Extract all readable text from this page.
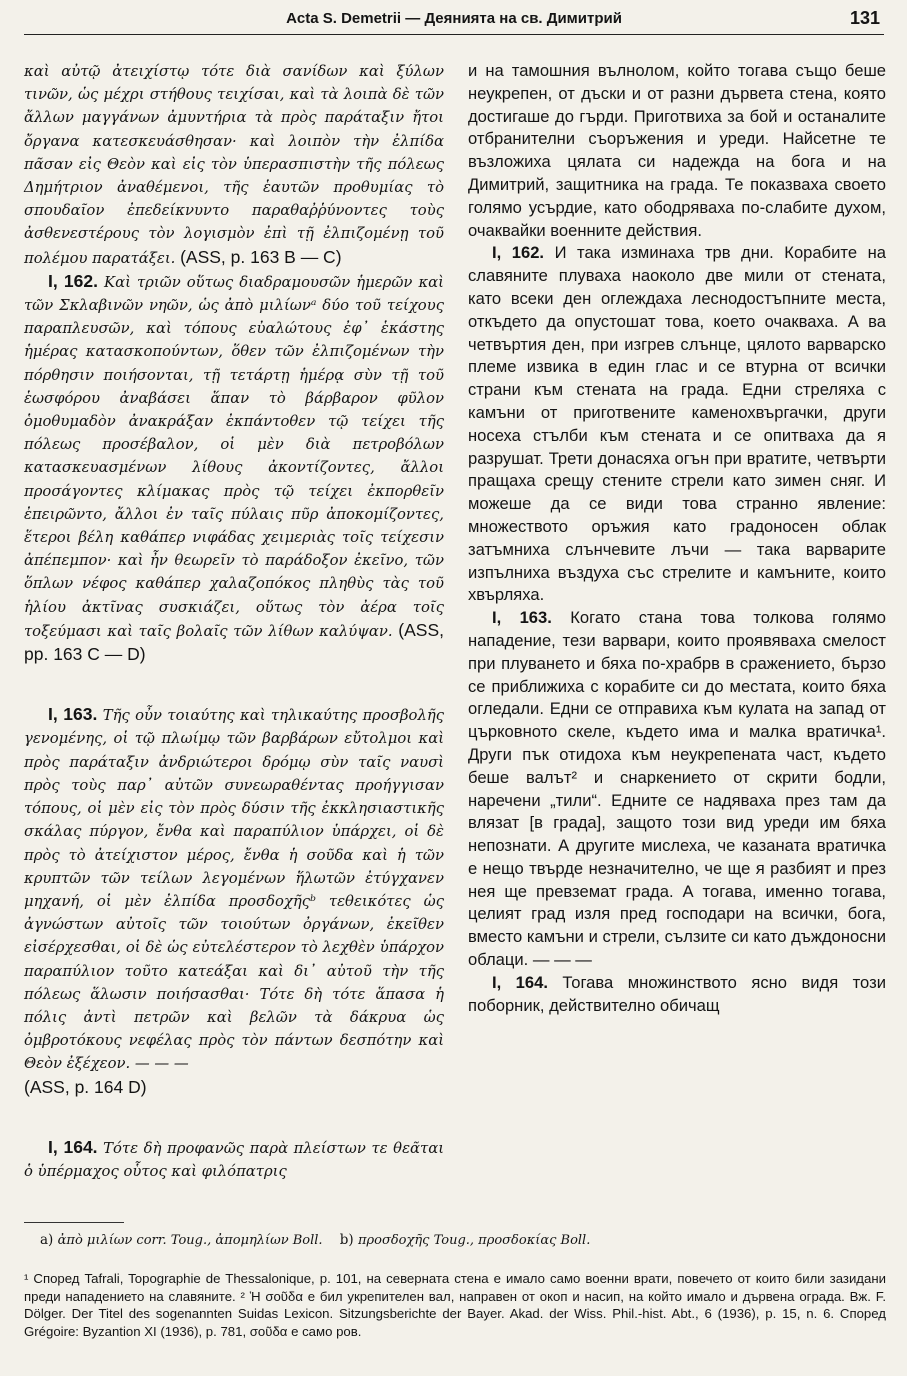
Acta S. Demetrii — Деянията на св. Димитрий	131

καὶ αὐτῷ ἀτειχίστῳ τότε διὰ σανίδων καὶ ξύλων τινῶν, ὡς μέχρι στήθους τειχίσαι, καὶ τὰ λοιπὰ δὲ τῶν ἄλλων μαγγάνων ἀμυντήρια τὰ πρὸς παράταξιν ἤτοι ὄργανα κατεσκευάσθησαν· καὶ λοιπὸν τὴν ἐλπίδα πᾶσαν εἰς Θεὸν καὶ εἰς τὸν ὑπερασπιστὴν τῆς πόλεως Δημήτριον ἀναθέμενοι, τῆς ἑαυτῶν προθυμίας τὸ σπουδαῖον ἐπεδείκνυντο παραθαῤῥύνοντες τοὺς ἀσθενεστέρους τὸν λογισμὸν ἐπὶ τῇ ἐλπιζομένῃ τοῦ πολέμου παρατάξει. (ASS, p. 163 B — C)

I, 162. Καὶ τριῶν οὕτως διαδραμουσῶν ἡμερῶν καὶ τῶν Σκλαβινῶν νηῶν, ὡς ἀπὸ μιλίωνᵃ δύο τοῦ τείχους παραπλευσῶν, καὶ τόπους εὐαλώτους ἐφ᾿ ἑκάστης ἡμέρας κατασκοπούντων, ὅθεν τῶν ἐλπιζομένων τὴν πόρθησιν ποιήσονται, τῇ τετάρτῃ ἡμέρᾳ σὺν τῇ τοῦ ἑωσφόρου ἀναβάσει ἅπαν τὸ βάρβαρον φῦλον ὁμοθυμαδὸν ἀνακράξαν ἐκπάντοθεν τῷ τείχει τῆς πόλεως προσέβαλον, οἱ μὲν διὰ πετροβόλων κατασκευασμένων λίθους ἀκοντίζοντες, ἄλλοι προσάγοντες κλίμακας πρὸς τῷ τείχει ἐκπορθεῖν ἐπειρῶντο, ἄλλοι ἐν ταῖς πύλαις πῦρ ἀποκομίζοντες, ἕτεροι βέλη καθάπερ νιφάδας χειμεριὰς τοῖς τείχεσιν ἀπέπεμπον· καὶ ἦν θεωρεῖν τὸ παράδοξον ἐκεῖνο, τῶν ὅπλων νέφος καθάπερ χαλαζοπόκος πληθὺς τὰς τοῦ ἡλίου ἀκτῖνας συσκιάζει, οὕτως τὸν ἀέρα τοῖς τοξεύμασι καὶ ταῖς βολαῖς τῶν λίθων καλύψαν. (ASS, pp. 163 C — D)

I, 163. Τῆς οὖν τοιαύτης καὶ τηλικαύτης προσβολῆς γενομένης, οἱ τῷ πλωίμῳ τῶν βαρβάρων εὔτολμοι καὶ πρὸς παράταξιν ἀνδριώτεροι δρόμῳ σὺν ταῖς ναυσὶ πρὸς τοὺς παρ᾿ αὐτῶν συνεωραθέντας προήγγισαν τόπους, οἱ μὲν εἰς τὸν πρὸς δύσιν τῆς ἐκκλησιαστικῆς σκάλας πύργον, ἔνθα καὶ παραπύλιον ὑπάρχει, οἱ δὲ πρὸς τὸ ἀτείχιστον μέρος, ἔνθα ἡ σοῦδα καὶ ἡ τῶν κρυπτῶν τῶν τείλων λεγομένων ἥλωτῶν ἐτύγχανεν μηχανή, οἱ μὲν ἐλπίδα προσδοχῆςᵇ τεθεικότες ὡς ἀγνώστων αὐτοῖς τῶν τοιούτων ὀργάνων, ἐκεῖθεν εἰσέρχεσθαι, οἱ δὲ ὡς εὐτελέστερον τὸ λεχθὲν ὑπάρχον παραπύλιον τοῦτο κατεάξαι καὶ δι᾿ αὐτοῦ τὴν τῆς πόλεως ἅλωσιν ποιήσασθαι· Τότε δὴ τότε ἅπασα ἡ πόλις ἀντὶ πετρῶν καὶ βελῶν τὰ δάκρυα ὡς ὀμβροτόκους νεφέλας πρὸς τὸν πάντων δεσπότην καὶ Θεὸν ἐξέχεον. — — —
(ASS, p. 164 D)

I, 164. Τότε δὴ προφανῶς παρὰ πλείστων τε θεᾶται ὁ ὑπέρμαχος οὗτος καὶ φιλόπατρις

и на тамошния вълнолом, който тогава също беше неукрепен, от дъски и от разни дървета стена, която достигаше до гърди. Приготвиха за бой и останалите отбранителни съоръжения и уреди. Найсетне те възложиха цялата си надежда на бога и на Димитрий, защитника на града. Те показваха своето голямо усърдие, като ободряваха по-слабите духом, очаквайки военните действия.

I, 162. И така изминаха трв дни. Корабите на славяните плуваха наоколо две мили от стената, като всеки ден оглеждаха леснодостъпните места, откъдето да опустошат това, което очакваха. А ва четвъртия ден, при изгрев слънце, цялото варварско племе извика в един глас и се втурна от всички страни към стената на града. Едни стреляха с камъни от приготвените каменохвъргачки, други носеха стълби към стената и се опитваха да я разрушат. Трети донасяха огън при вратите, четвърти пращаха срещу стените стрели като зимен сняг. И можеше да се види това странно явление: множеството оръжия като градоносен облак затъмниха слънчевите лъчи — така варварите изпълниха въздуха със стрелите и камъните, които хвърляха.

I, 163. Когато стана това толкова голямо нападение, тези варвари, които проявяваха смелост при плуването и бяха по-храбрв в сражението, бързо се приближиха с корабите си до местата, които бяха огледали. Едни се отправиха към кулата на запад от църковното скеле, където има и малка вратичка¹. Други пък отидоха към неукрепената част, където беше валът² и снаркението от скрити бодли, наречени „тили“. Едните се надяваха през там да влязат [в града], защото този вид уреди им бяха непознати. А другите мислеха, че казаната вратичка е нещо твърде незначително, че ще я разбият и през нея ще превземат града. А тогава, именно тогава, целият град изля пред господари на всички, бога, вместо камъни и стрели, сълзите си като дъждоносни облаци. — — —

I, 164. Тогава множинството ясно видя този поборник, действително обичащ

a) ἀπὸ μιλίων corr. Toug., ἀπομηλίων Boll. b) προσδοχῆς Toug., προσδοκίας Boll.
¹ Според Tafrali, Topographie de Thessalonique, p. 101, на северната стена е имало само военни врати, повечето от които били зазидани преди нападението на славяните. ² Ἡ σοῦδα е бил укрепителен вал, направен от окоп и насип, на който имало и дървена ограда. Вж. F. Dölger. Der Titel des sogenannten Suidas Lexicon. Sitzungsberichte der Bayer. Akad. der Wiss. Phil.-hist. Abt., 6 (1936), p. 15, n. 6. Според Grégoire: Byzantion XI (1936), p. 781, σοῦδα е само ров.
